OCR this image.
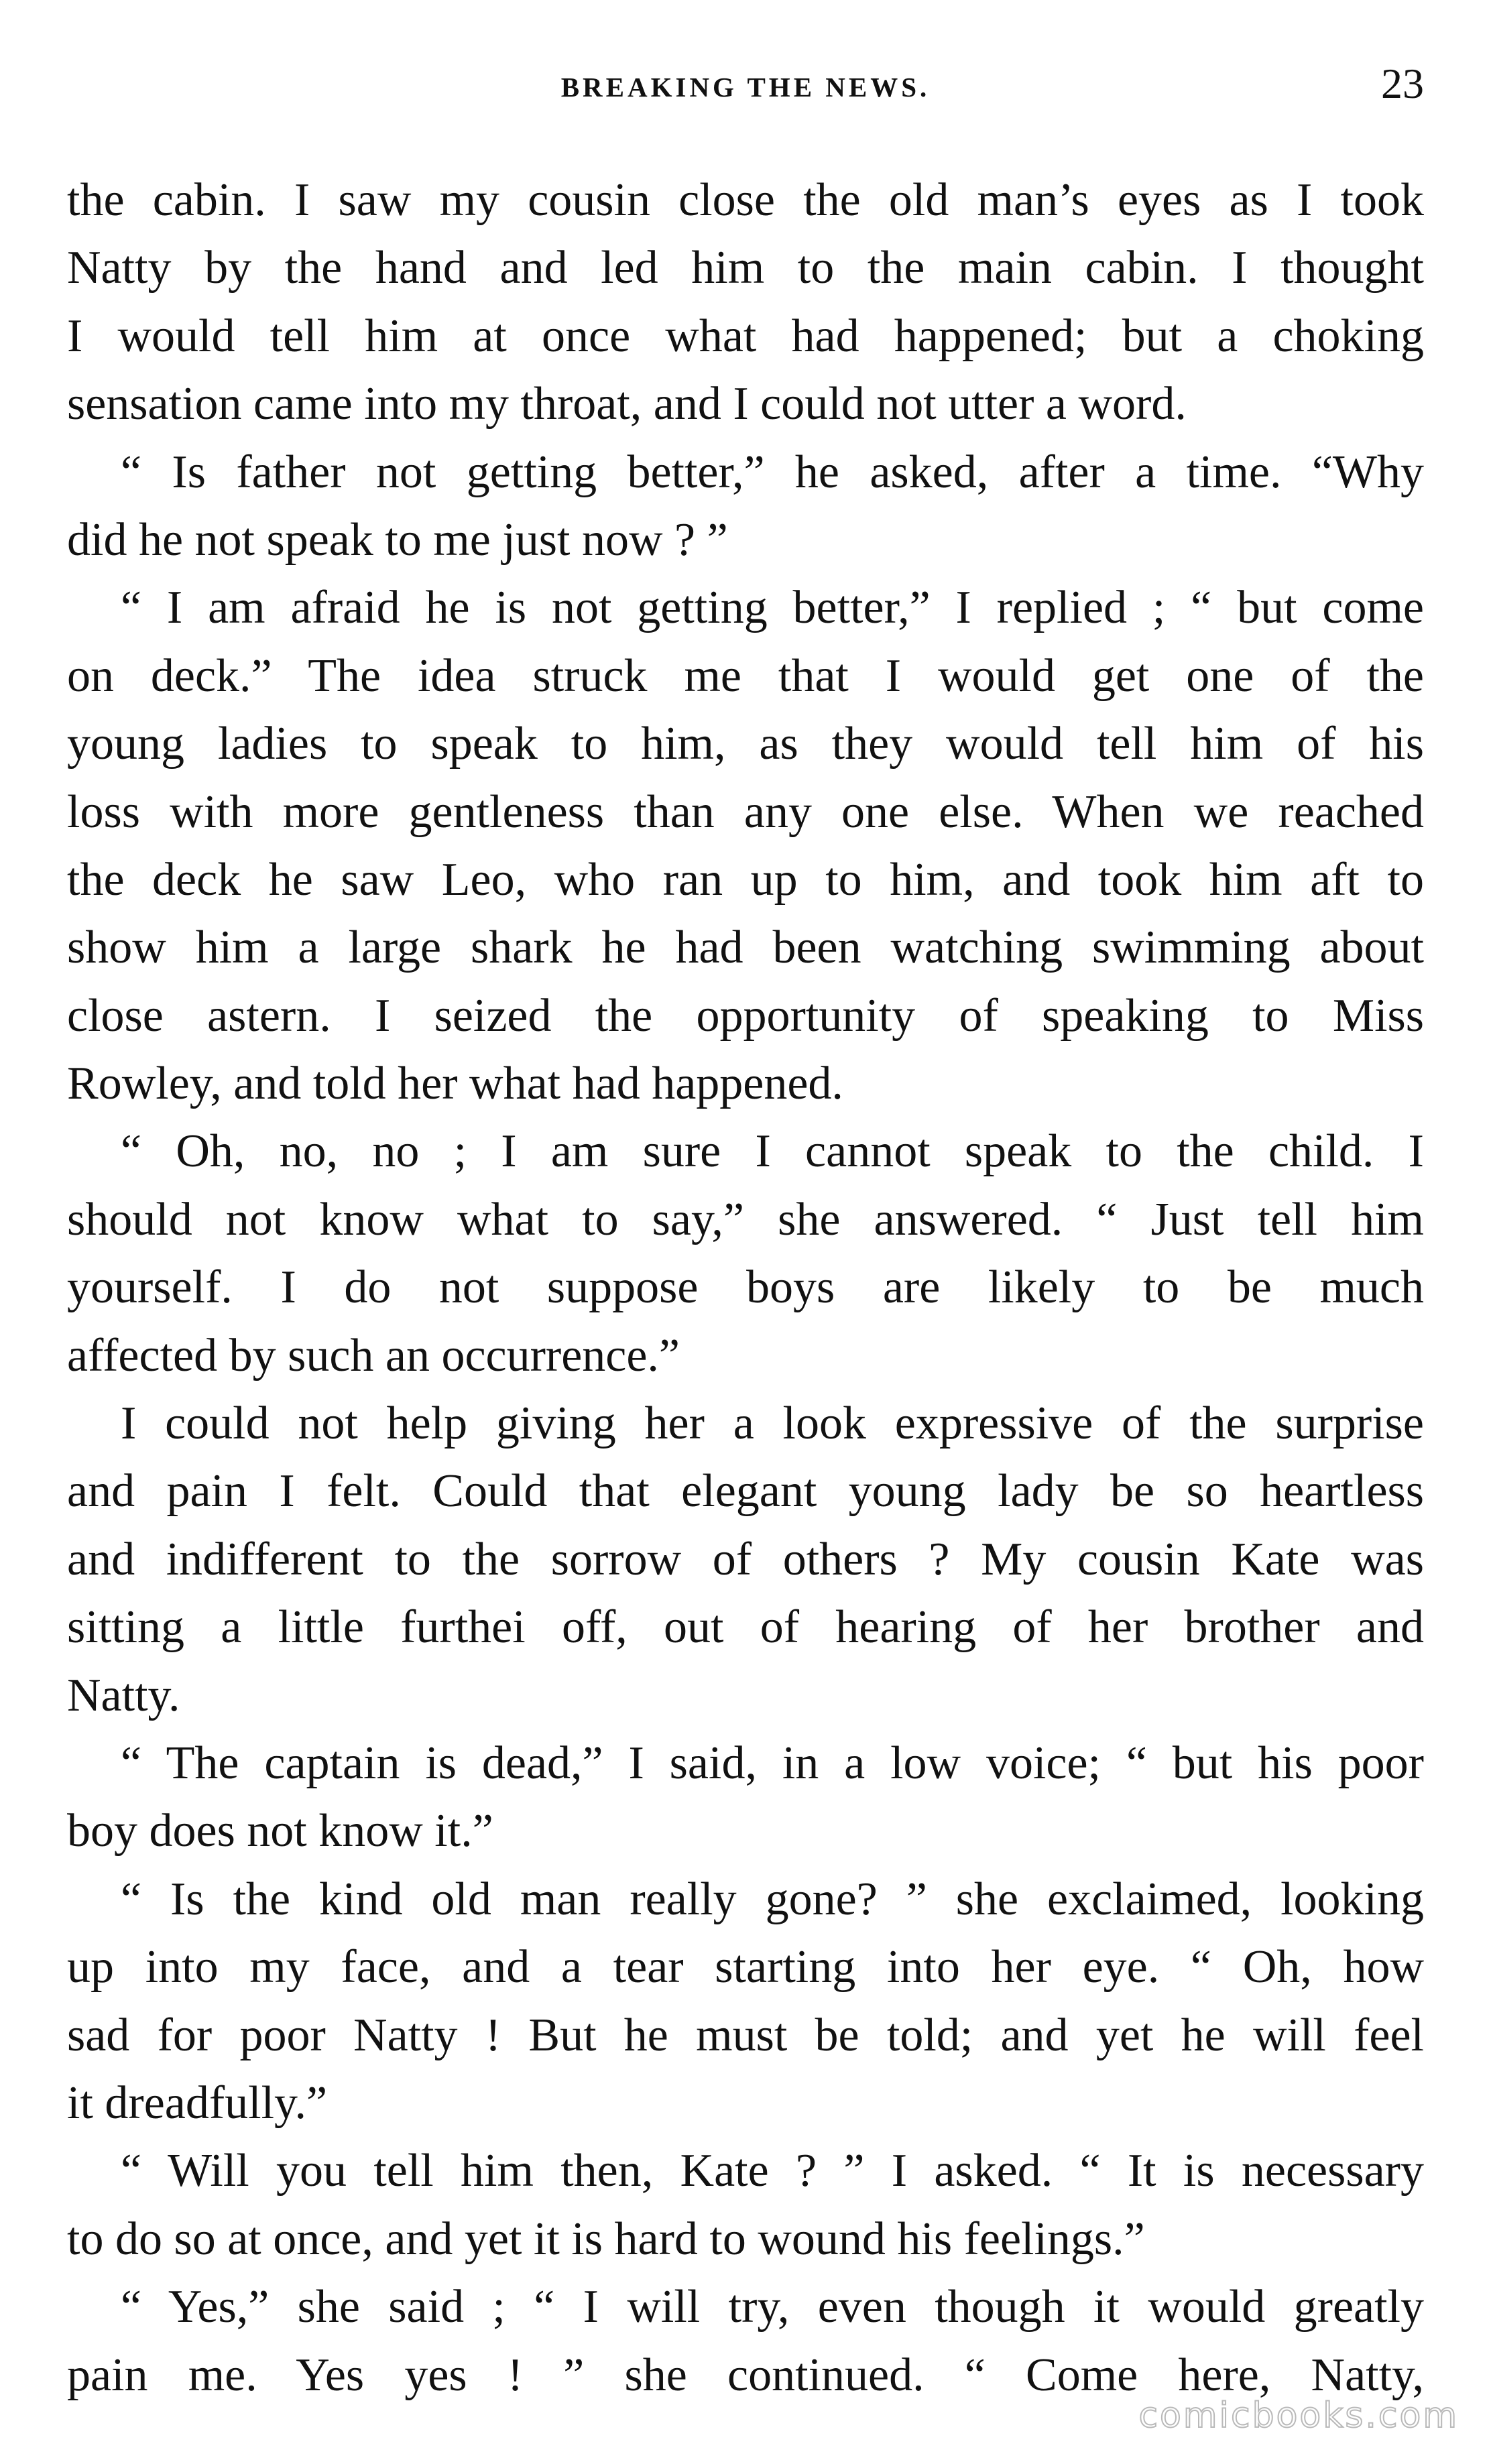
BREAKING THE NEWS.	23
the cabin. I saw my cousin close the old man’s eyes as I took
Natty by the hand and led him to the main cabin. I thought
I would tell him at once what had happened; but a choking
sensation came into my throat, and I could not utter a word.
“ Is father not getting better,” he asked, after a time. “Why
did he not speak to me just now ? ”
“ I am afraid he is not getting better,” I replied ; “ but come
on deck.” The idea struck me that I would get one of the
young ladies to speak to him, as they would tell him of his
loss with more gentleness than any one else. When we reached
the deck he saw Leo, who ran up to him, and took him aft to
show him a large shark he had been watching swimming about
close astern. I seized the opportunity of speaking to Miss
Rowley, and told her what had happened.
“ Oh, no, no ; I am sure I cannot speak to the child. I
should not know what to say,” she answered. “ Just tell him
yourself. I do not suppose boys are likely to be much
affected by such an occurrence.”
I could not help giving her a look expressive of the surprise
and pain I felt. Could that elegant young lady be so heartless
and indifferent to the sorrow of others ? My cousin Kate was
sitting a little furthei off, out of hearing of her brother and
Natty.
“ The captain is dead,” I said, in a low voice; “ but his poor
boy does not know it.”
“ Is the kind old man really gone? ” she exclaimed, looking
up into my face, and a tear starting into her eye. “ Oh, how
sad for poor Natty ! But he must be told; and yet he will feel
it dreadfully.”
“ Will you tell him then, Kate ? ” I asked. “ It is necessary
to do so at once, and yet it is hard to wound his feelings.”
“ Yes,” she said ; “ I will try, even though it would greatly
pain me. Yes yes ! ” she continued. “ Come here, Natty,
comicbooks.com
